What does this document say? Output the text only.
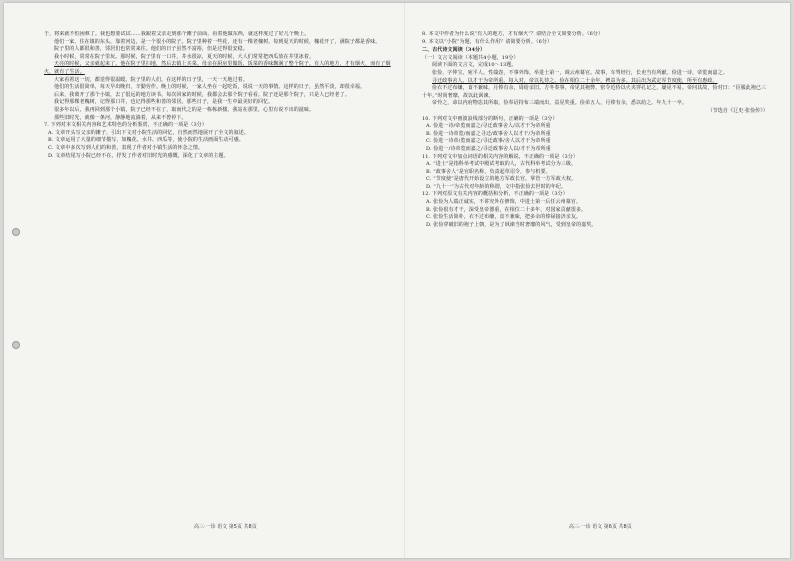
于，将来就不怕困难了。我也想要试试……我跟着父亲走到那个摊子前面，看着他做东西，就这样度过了好几个晚上。

他们一家，住在镇的东头，靠着河边，是一个很小的院子。院子里种着一些花，还有一棵老槐树。每到夏天的时候，槐花开了，满院子都是香味。

院子里的人都很和善，邻居们也常常来往。他们的日子虽然不富裕，但是过得很安稳。

我小时候，常常在院子里玩。那时候，院子里有一口井，井水很凉，夏天的时候，大人们常常把西瓜放在井里冰着。

天亮的时候，父亲就起来了。他在院子里扫地，然后去镇上买菜。母亲在厨房里做饭，饭菜的香味飘满了整个院子。有人的地方，才有烟火，而有了烟火，就有了生活。

大家看着这一切，都觉得很温暖。院子里的人们，在这样的日子里，一天一天地过着。

他们的生活很简单，每天早出晚归，辛勤劳作。晚上的时候，一家人坐在一起吃饭，说说一天的事情。这样的日子，虽然平淡，却很幸福。

后来，我离开了那个小镇，去了很远的地方读书。每次回家的时候，我都会去那个院子看看。院子还是那个院子，只是人已经老了。

我记得那棵老槐树，记得那口井，也记得那些和善的邻居。那些日子，是我一生中最美好的回忆。

很多年以后，我再回到那个小镇，院子已经不在了，取而代之的是一栋栋新楼。我站在那里，心里有说不出的滋味。

那些旧时光，就像一条河，静静地流淌着，从来不曾停下。

7. 下列对本文相关内容和艺术特色的分析鉴赏，不正确的一项是（3分）

A. 文章开头写父亲的摊子，引出下文对小院生活的回忆，自然而然地展开了全文的叙述。

B. 文章运用了大量的细节描写，如槐花、水井、西瓜等，使小院的生活画面生动可感。

C. 文章中多次写到人们的和善，表现了作者对小镇生活的怀念之情。

D. 文章结尾写小院已经不在，抒发了作者对旧时光的感慨，深化了文章的主题。

8. 本文中作者为什么说“有人的地方，才有烟火”？请结合全文简要分析。（6分）

9. 本文以“小院”为题，有什么作用？请简要分析。（6分）

二、古代诗文阅读（34分）

（一）文言文阅读（本题共4小题，19分）

阅读下面的文言文，完成10～13题。

张俭，字仲宝，宛平人。性端悫，不事外饰。举进士第一，调云州幕官。故事，车驾经行，长吏当有所献。俭进一诗，帝览而嘉之。

寻迁政事舍人，以才干为帝所重。每入对，帝以礼待之。俭在相位二十余年，裨益为多。其后出为武定军节度使，所至有惠政。

俭衣不过布缣，食不兼味，月俸有余，周给亲旧。方冬奏事，帝见其袍弊，密令近侍以火夹穿孔记之，屡见不易。帝问其故，俭对曰：“臣服此袍已三十年。”时尚奢靡，故以此讽谏。

帝怜之，命以内府物恣其所取，俭奉诏持布三端而出，益见奖重。俭弟五人，月俸有余，悉以给之。年九十一卒。

（节选自《辽史·张俭传》）

10. 下列对文中画波浪线部分的断句，正确的一项是（3分）

A. 俭进一诗/帝览而嘉之/寻迁政事舍人/以才干为帝所重

B. 俭进一诗帝览/而嘉之寻迁/政事舍人以才干/为帝所重

C. 俭进一诗帝/览而嘉之/寻迁政事/舍人以才干为帝所重

D. 俭进一/诗帝览而嘉之/寻迁政事舍人以/才干为帝所重

11. 下列对文中加点词语的相关内容的解说，不正确的一项是（3分）

A. “进士”是指科举考试中殿试考取的人，古代科举考试分为三级。

B. “政事舍人”是官职名称，负责起草诏令，参与机要。

C. “节度使”是唐代开始设立的地方军政长官，掌管一方军政大权。

D. “九十一”为古代对年龄的称谓，文中指张俭去世时的年纪。

12. 下列对原文有关内容的概括和分析，不正确的一项是（3分）

A. 张俭为人端正诚实，不讲究外在修饰，中进士第一后任云州幕官。

B. 张俭很有才干，深受皇帝器重，在相位二十多年，对国家贡献很多。

C. 张俭生活简朴，衣不过布缣，食不兼味，把多余的俸禄接济亲友。

D. 张俭穿破旧的袍子上朝，是为了讽谏当时奢靡的风气，受到皇帝的嘉奖。

高三·一诊 语文 第5页 共8页	高三·一诊 语文 第6页 共8页
